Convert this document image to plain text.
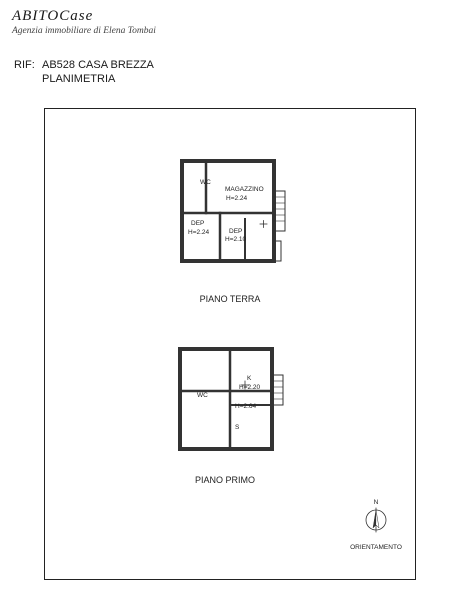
ABITOCase
Agenzia immobiliare di Elena Tombai
RIF: AB528 CASA BREZZA
PLANIMETRIA
WC
MAGAZZINO
H=2.24
DEP
H=2.24	DEP
H=2.10
PIANO TERRA
K
H=2.20
WC
H=2.64
S
PIANO PRIMO
N
ORIENTAMENTO
